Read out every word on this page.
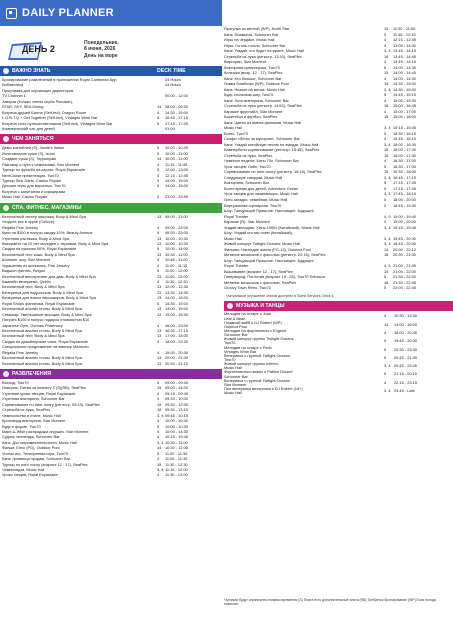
DAILY PLANNER
ДЕНЬ 2
Понедельник,
8 июня, 2026
День на море
ВАЖНО ЗНАТЬ	DECK TIME
Бронирование развлечений в приложении Royal Caribbean App	24 Hours
Библиотека	24 Hours
Программа для скучающих директоров,
TV Channel 1	00:00 - 12:00
Завтрак (только члены клуба Pinnacle),
STAR, SKY, SEA Dining	14 08:00 - 09:30
Встреча друзей Билла (Self-fed), Dragon Room	4 14:30 - 15:00
L.G.B.T.Q.+ Get Together (Self-fed), Vintages Wine Bar	5 16:45 - 17:15
Встреча соло путешественников (Self-fed), Vintages Wine Bar	5 17:15 - 17:45
Коммерческий час для детей	01:00
ЧЕМ ЗАНЯТЬСЯ
Демо коктейлей (S), Jamie's Italian	5 10:00 - 10:45
Изготовление суши (S), Izumi	5 10:00 - 11:00
Сладкие суши (S), Teppanyaki	14 10:00 - 11:00
Разговор о пути к чемпионам, Star Moment	4 11:15 - 11:45
Турнир по фрисби на картах, Royal Esplanade	5 12:00 - 13:00
NextCruise презентация, Two70	5 12:15 - 12:45
Турнир Sink Darts, Casino Royale	3 14:00 - 15:00
Детские игры для взрослых, Two70	5 14:00 - 15:00
Встреча с капитаном и офицерами
Music Hall, Casino Royale	3 23:00 - 23:59
СПА, ФИТНЕС, МАГАЗИНЫ
Бесплатный тестер массажа, Body & Mind Spa	13 09:00 - 11:00
Уходите все в курсе (Culture),
Regalia Fine Jewelry	4 09:00 - 22:00
Купи на $300 и получи скидку 10%, Beauty Avenue	4 09:30 - 23:00
Утренняя растяжка, Body & Mind Spa	13 10:00 - 10:30
Выиграйте на 10 лет молодее с термами, Body & Mind Spa	13 10:00 - 10:30
Скидки на сумочки 50%, Royal Esplanade	5 10:00 - 14:00
Бесплатный тест кожи, Body & Mind Spa	13 10:30 - 11:00
Шоппинг шоу, Star Moment	4 10:45 - 11:00
Украшения из шоппинга, Fine Jewelry	4 11:00 - 11:15
Видшоп фитнес, Bvlgari	5 11:00 - 12:00
Бесплатный велотренинг для дам, Body & Mind Spa	13 11:00 - 12:00
Кампейн вечеринка, Qeelin	4 11:30 - 12:30
Бесплатный тест, Body & Mind Spa	13 12:00 - 12:30
Вечеринка для подростков, Body & Mind Spa	13 13:30 - 14:30
Вечеринка для новых пассажиров, Body & Mind Spa	13 14:00 - 15:00
Royal Shops фанатизм, Royal Esplanade	5 14:30 - 15:00
Бесплатный анализ стопы, Body & Mind Spa	13 14:00 - 15:00
Семинар: Уменьшение морщин, Body & Mind Spa	13 15:00 - 15:30
Потрать $100 и получи подарок стоимостью $10
Japanese Gym, Ovrmes Pharmacy	4 16:00 - 23:00
Бесплатный анализ стопы, Body & Mind Spa	13 16:30 - 17:15
Бесплатный тест, Body & Mind Spa	13 17:00 - 18:00
Скидки на дизайнерские часы, Royal Esplanade	4 18:00 - 22:30
Специальное предложение на ювелир Mikimoto,
Regalia Fine Jewelry	4 19:30 - 20:30
Бесплатный анализ стопы, Body & Mind Spa	13 20:00 - 21:00
Бесплатный анализ стопы, Body & Mind Spa	13 20:30 - 21:15
РАЗВЛЕЧЕНИЯ
Восход, Two70	5 09:00 - 09:45
Лазертаг: Битва за планету Z (S)(RB), SeaPlex	15 09:00 - 14:00
Утренние уроки танцев, Royal Esplanade	4 09:15 - 09:45
Утренняя викторина, Schooner Bar	4 09:30 - 10:00
Соревнование по пинг-понгу (регистр. 09:15), SeaPlex	15 09:30 - 12:30
Стрельба из лука, SeaPlex	16 09:30 - 13:15
Чемпионство в стиле, Music Hall	3, 4 09:45 - 10:15
Кроссворд-викторина, Star Moment	4 10:00 - 10:30
Будь в форме, Two70	5 10:00 - 10:30
Make-A-Wish распродажа игрушек, Star Moment	4 10:00 - 14:30
Судоку челлендж, Schooner Bar	4 10:15 - 10:45
Канк: Достопримечательности, Music Hall	3, 4 10:30 - 11:00
Фильм: Elmo (PG), Outdoor Pool	14 10:30 - 12:08
Уголок игр, Телефонная игра, Two70	5 11:00 - 11:30
Канк: прованца продаж, Schooner Bar	4 11:00 - 11:30
Турнир по пинг-понгу (возраст 12 - 17), SeaPlex	15 11:30 - 12:30
Чемпиондзи, Music Hall	3, 4 11:15 - 12:00
Уроки танцев, Royal Esplanade	4 11:30 - 12:00
Прогулка за мечтой (WP), North Star	15 11:30 - 11:50
Канк: Фламинго, Schooner Bar	5 11:45 - 12:15
Игры на чердаке, Music Hall	4 12:15 - 12:45
Игры: Гоголь-гоголь, Schooner Bar	4 13:00 - 14:00
Канк: Угадай, что будет на ужине, Music Hall	3, 4 13:45 - 14:15
Стрельба из лука (регистр. 13:30), SeaPlex	16 13:45 - 14:45
Вирсорин, Star Moment	4 13:45 - 14:15
Викторина суперигроки, Two70	5 14:00 - 14:30
Колешки (возр. 12 - 17), SeaPlex	15 14:00 - 14:45
Канк: Кто больше, Schooner Bar	4 14:00 - 14:30
Ломка бомбочки (WP), Outdoor Pool	14 14:30 - 15:00
Канк: Низкое на мечах, Music Hall	3, 4 14:30 - 15:00
Будь стильным-шоу, Two70	5 14:45 - 15:15
Канк: Лото-викторина, Schooner Bar	4 15:00 - 15:30
Стрельба из лука (регистр. 14:50), SeaPlex	16 15:00 - 16:45
Караоке фристайл, Star Moment	4 15:00 - 17:00
Баскетбол и футбол, SeaPlex	15 15:00 - 18:00
Канк: Цветы из имена фильмов, Music Hall
Music Hall	3, 4 15:15 - 15:45
Бинго, Two70	5 15:30 - 16:15
Селфи «Легко за мусором», Schooner Bar	4 15:45 - 16:15
Канк: Угадай китайскую песню по эмодзи, Music Hall	3, 4 16:00 - 16:30
Бамперботы соревнование (регистр. 15:45), SeaPlex	15 16:00 - 17:30
Стрельба из лука, SeaPlex	16 16:00 - 17:30
Чемпион недели: Хиты 70х, Schooner Bar	4 16:30 - 17:00
Урок танцев: Лайн, Two70	5 16:30 - 17:00
Соревнование по пинг-понгу (регистр. 16:15), SeaPlex	15 16:30 - 18:00
Следующие самураи, Music Hall	3, 4 16:45 - 17:15
Викторина, Schooner Bar	5 17:15 - 17:45
Бинго время для детей, Adventure Ocean	5 17:15 - 17:45
Урок танцев для начинающих, Music Hall	3, 4 17:45 - 18:15
Лото-загадки, семейная, Music Hall	5 18:00 - 20:00
Виртуальная сценарная, Two70	5 18:45 - 19:30
Шоу: Танцующий Прошлое. Настоящее. Будущее.
Royal Theater	4, 5 19:00 - 19:45
Караоке (R), Star Moment	4 19:00 - 20:00
Угадай мелодию: Хиты 1990х (Китайский), Music Hall	3, 4 19:15 - 19:45
Шоу: Угадай кто мы поем (Китайский),
Music Hall	3, 4 19:45 - 20:30
Живой концерт Twilight Oceans, Music Hall	3, 4 19:45 - 20:30
Фильмы: Наследие жизни (PG-13), Outdoor Pool	14 20:00 - 22:12
Метание мешочков с фасолью (регистр. 20:15), SeaPlex	16 20:30 - 21:30
Шоу: Танцующий Прошлое. Настоящее. Будущее.
Royal Theater	4, 5 21:00 - 21:45
Вышивание (возраст 12 - 17), SeaPlex	15 21:00 - 22:00
Гиперворлд: Поглотив (возраст 18 - 25), Two70 Entrance	5 21:30 - 22:00
Метание мешочков с фасолью, SeaPlex	16 21:30 - 22:45
Groovy Town Retro, Two70	5 22:00 - 22:45
*Актуальное улучшение столов доступно в Guest Services, Deck 4.
МУЗЫКА И ТАНЦЫ
Мелодии на гитаре с Juan
Leaf & Bean	4 10:30 - 13:30
Плавный вайб с DJ Robert (WP)
Outdoor Pool	14 14:00 - 16:00
Мелодии на фортепиано с Eugene
Schooner Bar	4 18:00 - 20:45
Живой концерт группы Twilight Oceans
Two70	5 19:45 - 20:30
Мелодии на гитаре с Pedo
Vintages Wine Bar	5 20:30 - 23:30
Вечеринка с группой Twilight Oceans
Two70	5 20:45 - 21:30
Живой концерт группы Inferno
Music Hall	3, 4 20:45 - 23:45
Фортепианного вокал с Patrice Doucet
Schooner Bar	5 21:15 - 00:15
Вечеринка с группой Twilight Oceans
Star Moment	4 22:15 - 23:15
Поп-вечеринка вечеринка с DJ Robert (18+)
Music Hall	3, 4 23:45 - Late
*Артикли будут ограничены помимо временем (S) Плата есть дополнительные плата (RB) Требуется бронирование (WP) Если погода позволит
